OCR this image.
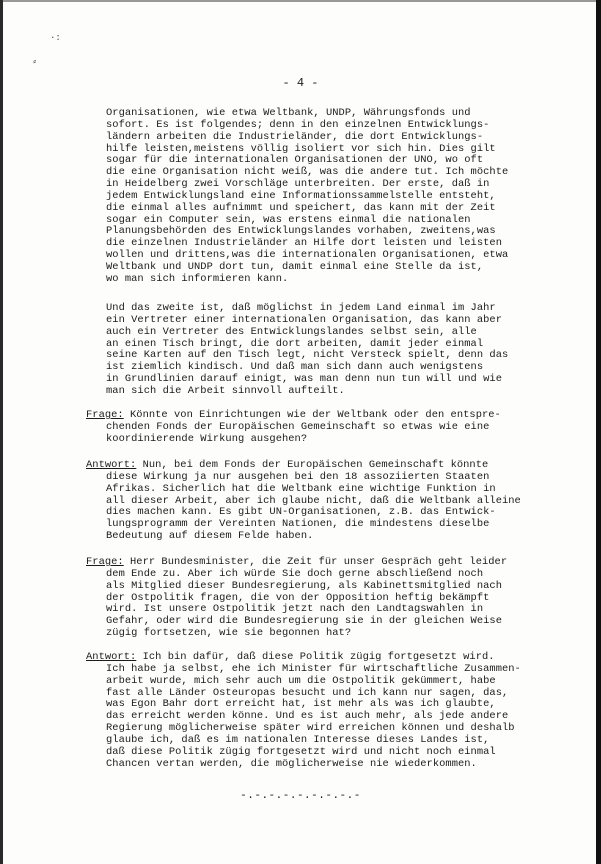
·:
⸗
- 4 -
Organisationen, wie etwa Weltbank, UNDP, Währungsfonds und
sofort. Es ist folgendes; denn in den einzelnen Entwicklungs-
ländern arbeiten die Industrieländer, die dort Entwicklungs-
hilfe leisten,meistens völlig isoliert vor sich hin. Dies gilt
sogar für die internationalen Organisationen der UNO, wo oft
die eine Organisation nicht weiß, was die andere tut. Ich möchte
in Heidelberg zwei Vorschläge unterbreiten. Der erste, daß in
jedem Entwicklungsland eine Informationssammelstelle entsteht,
die einmal alles aufnimmt und speichert, das kann mit der Zeit
sogar ein Computer sein, was erstens einmal die nationalen
Planungsbehörden des Entwicklungslandes vorhaben, zweitens,was
die einzelnen Industrieländer an Hilfe dort leisten und leisten
wollen und drittens,was die internationalen Organisationen, etwa
Weltbank und UNDP dort tun, damit einmal eine Stelle da ist,
wo man sich informieren kann.
Und das zweite ist, daß möglichst in jedem Land einmal im Jahr
ein Vertreter einer internationalen Organisation, das kann aber
auch ein Vertreter des Entwicklungslandes selbst sein, alle
an einen Tisch bringt, die dort arbeiten, damit jeder einmal
seine Karten auf den Tisch legt, nicht Versteck spielt, denn das
ist ziemlich kindisch. Und daß man sich dann auch wenigstens
in Grundlinien darauf einigt, was man denn nun tun will und wie
man sich die Arbeit sinnvoll aufteilt.
Frage: Könnte von Einrichtungen wie der Weltbank oder den entspre-
chenden Fonds der Europäischen Gemeinschaft so etwas wie eine
koordinierende Wirkung ausgehen?
Antwort: Nun, bei dem Fonds der Europäischen Gemeinschaft könnte
diese Wirkung ja nur ausgehen bei den 18 assoziierten Staaten
Afrikas. Sicherlich hat die Weltbank eine wichtige Funktion in
all dieser Arbeit, aber ich glaube nicht, daß die Weltbank alleine
dies machen kann. Es gibt UN-Organisationen, z.B. das Entwick-
lungsprogramm der Vereinten Nationen, die mindestens dieselbe
Bedeutung auf diesem Felde haben.
Frage: Herr Bundesminister, die Zeit für unser Gespräch geht leider
dem Ende zu. Aber ich würde Sie doch gerne abschließend noch
als Mitglied dieser Bundesregierung, als Kabinettsmitglied nach
der Ostpolitik fragen, die von der Opposition heftig bekämpft
wird. Ist unsere Ostpolitik jetzt nach den Landtagswahlen in
Gefahr, oder wird die Bundesregierung sie in der gleichen Weise
zügig fortsetzen, wie sie begonnen hat?
Antwort: Ich bin dafür, daß diese Politik zügig fortgesetzt wird.
Ich habe ja selbst, ehe ich Minister für wirtschaftliche Zusammen-
arbeit wurde, mich sehr auch um die Ostpolitik gekümmert, habe
fast alle Länder Osteuropas besucht und ich kann nur sagen, das,
was Egon Bahr dort erreicht hat, ist mehr als was ich glaubte,
das erreicht werden könne. Und es ist auch mehr, als jede andere
Regierung möglicherweise später wird erreichen können und deshalb
glaube ich, daß es im nationalen Interesse dieses Landes ist,
daß diese Politik zügig fortgesetzt wird und nicht noch einmal
Chancen vertan werden, die möglicherweise nie wiederkommen.
-.-.-.-.-.-.-.-.-
